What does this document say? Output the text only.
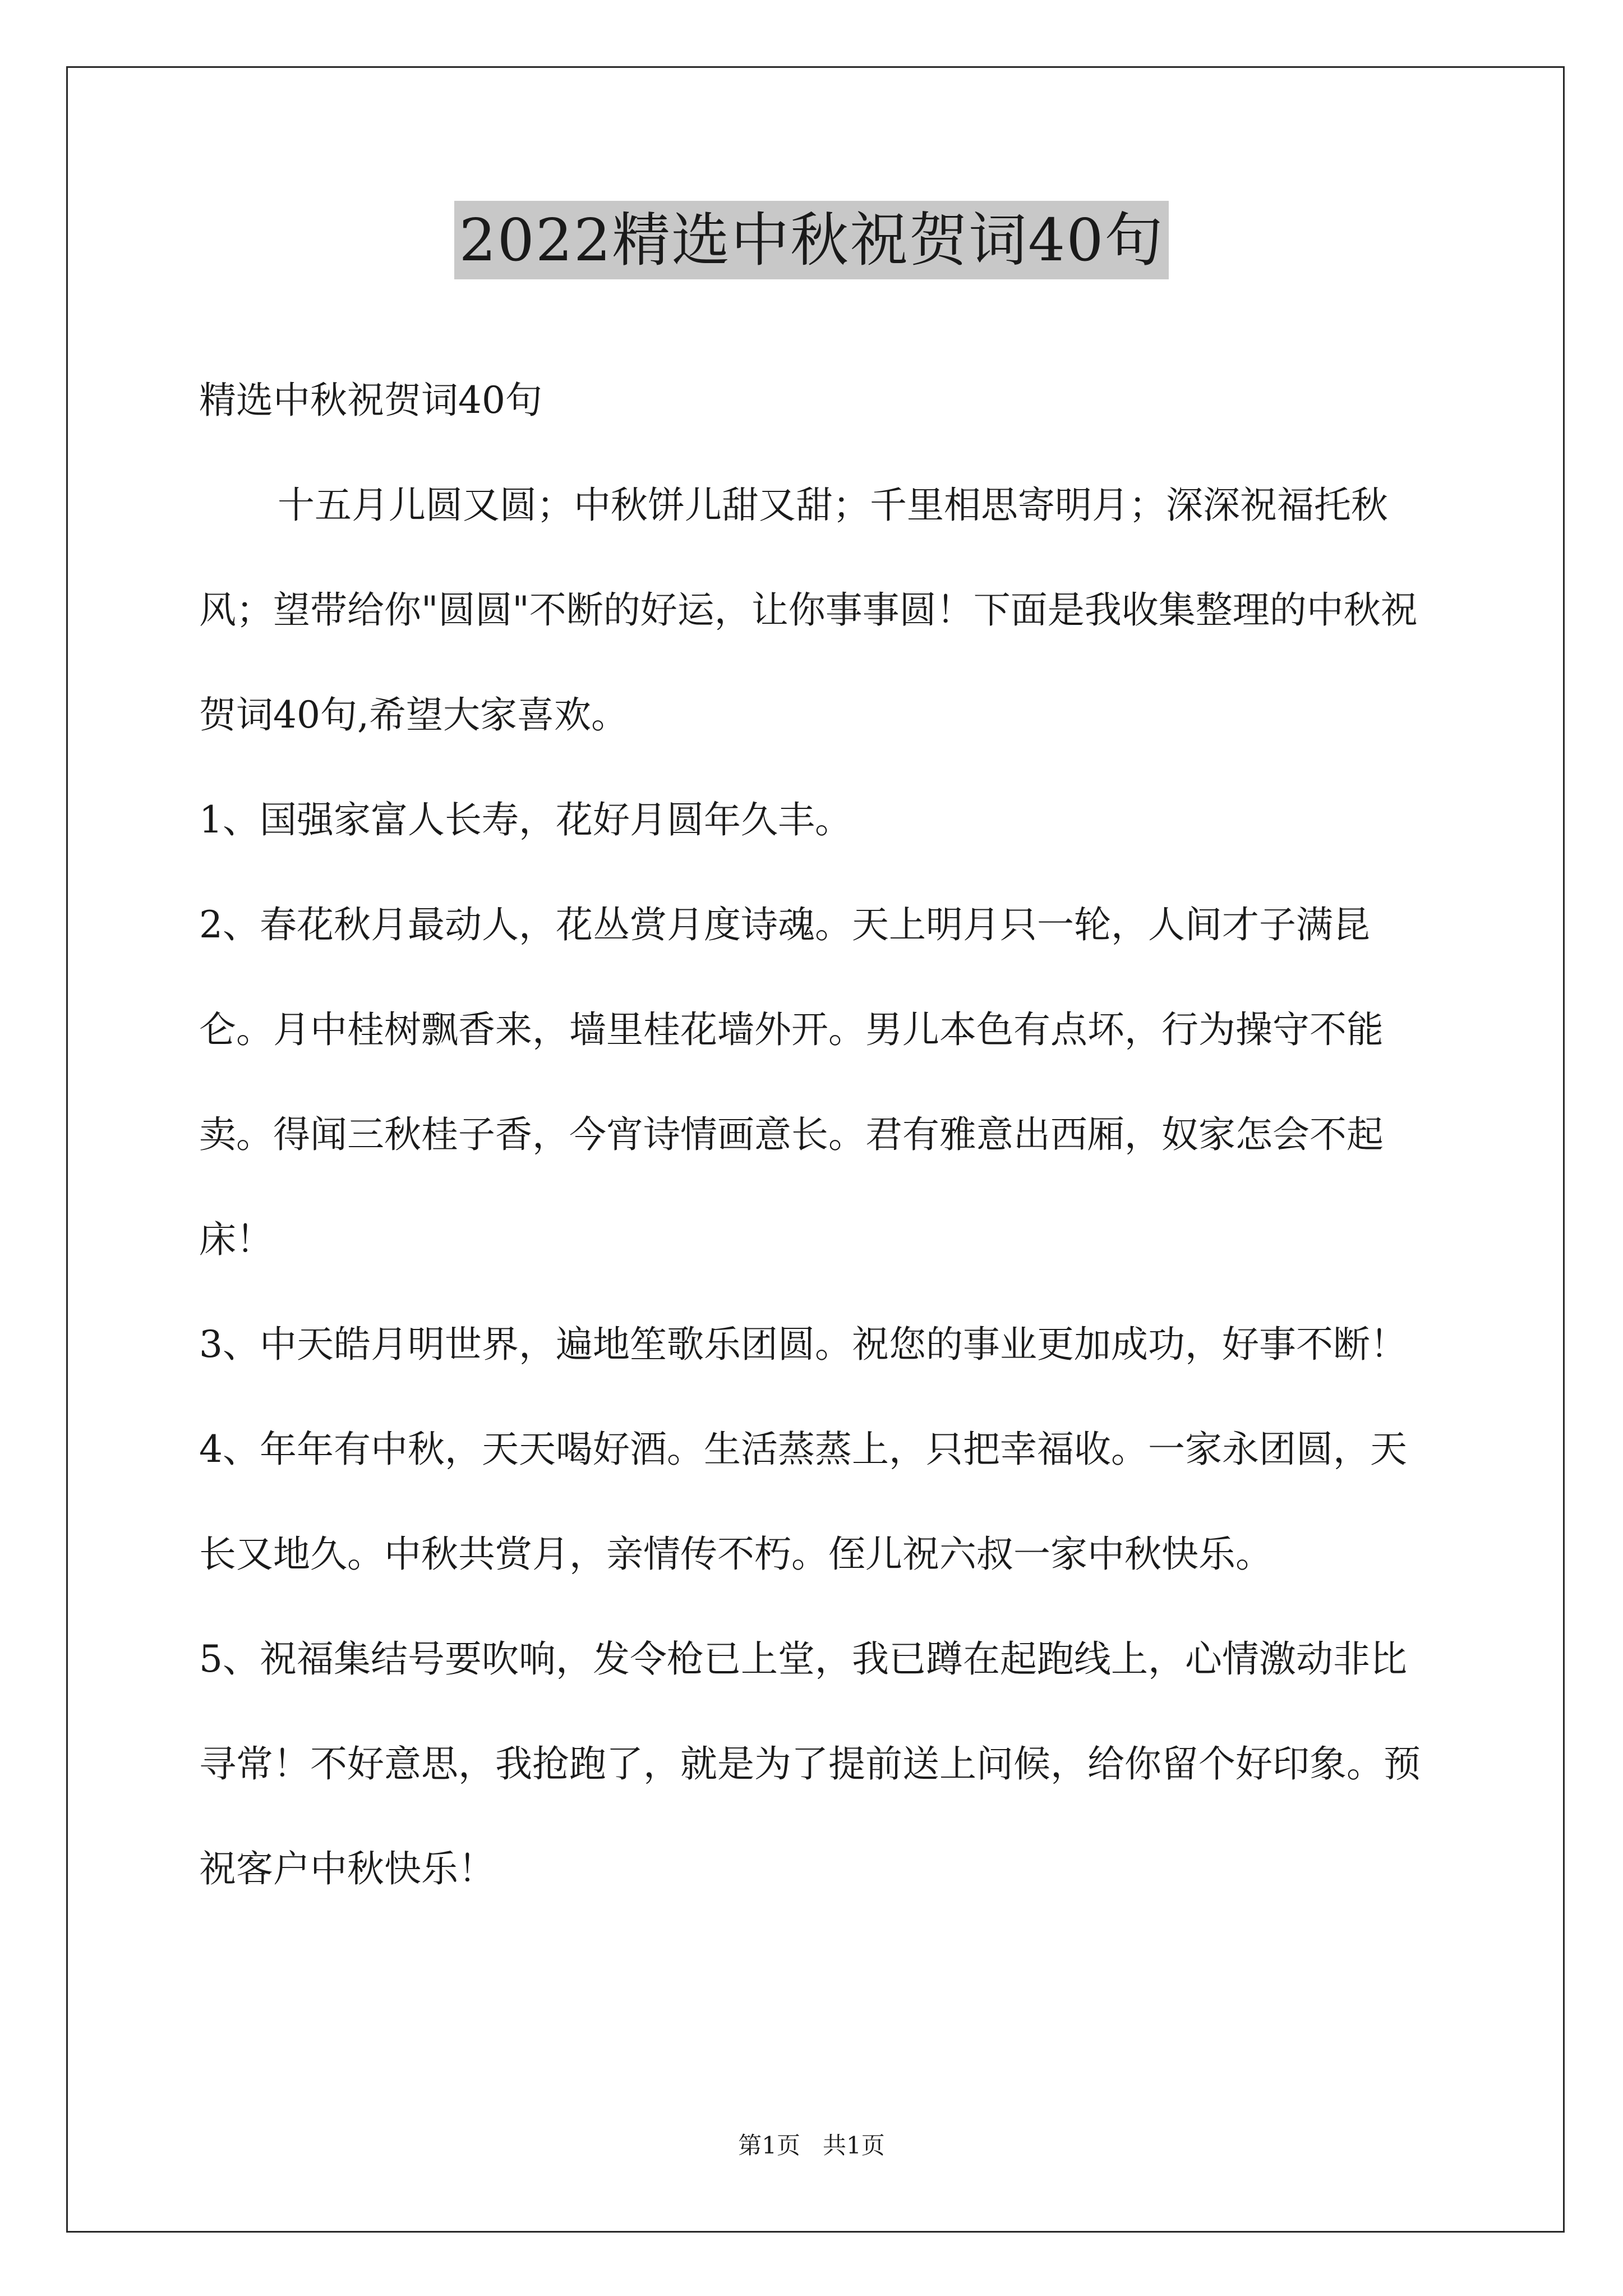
2022精选中秋祝贺词40句

精选中秋祝贺词40句

十五月儿圆又圆；中秋饼儿甜又甜；千里相思寄明月；深深祝福托秋风；望带给你"圆圆"不断的好运，让你事事圆！下面是我收集整理的中秋祝贺词40句,希望大家喜欢。

1、国强家富人长寿，花好月圆年久丰。

2、春花秋月最动人，花丛赏月度诗魂。天上明月只一轮，人间才子满昆仑。月中桂树飘香来，墙里桂花墙外开。男儿本色有点坏，行为操守不能卖。得闻三秋桂子香，今宵诗情画意长。君有雅意出西厢，奴家怎会不起床！

3、中天皓月明世界，遍地笙歌乐团圆。祝您的事业更加成功，好事不断！

4、年年有中秋，天天喝好酒。生活蒸蒸上，只把幸福收。一家永团圆，天长又地久。中秋共赏月，亲情传不朽。侄儿祝六叔一家中秋快乐。

5、祝福集结号要吹响，发令枪已上堂，我已蹲在起跑线上，心情激动非比寻常！不好意思，我抢跑了，就是为了提前送上问候，给你留个好印象。预祝客户中秋快乐！

第1页 共1页
